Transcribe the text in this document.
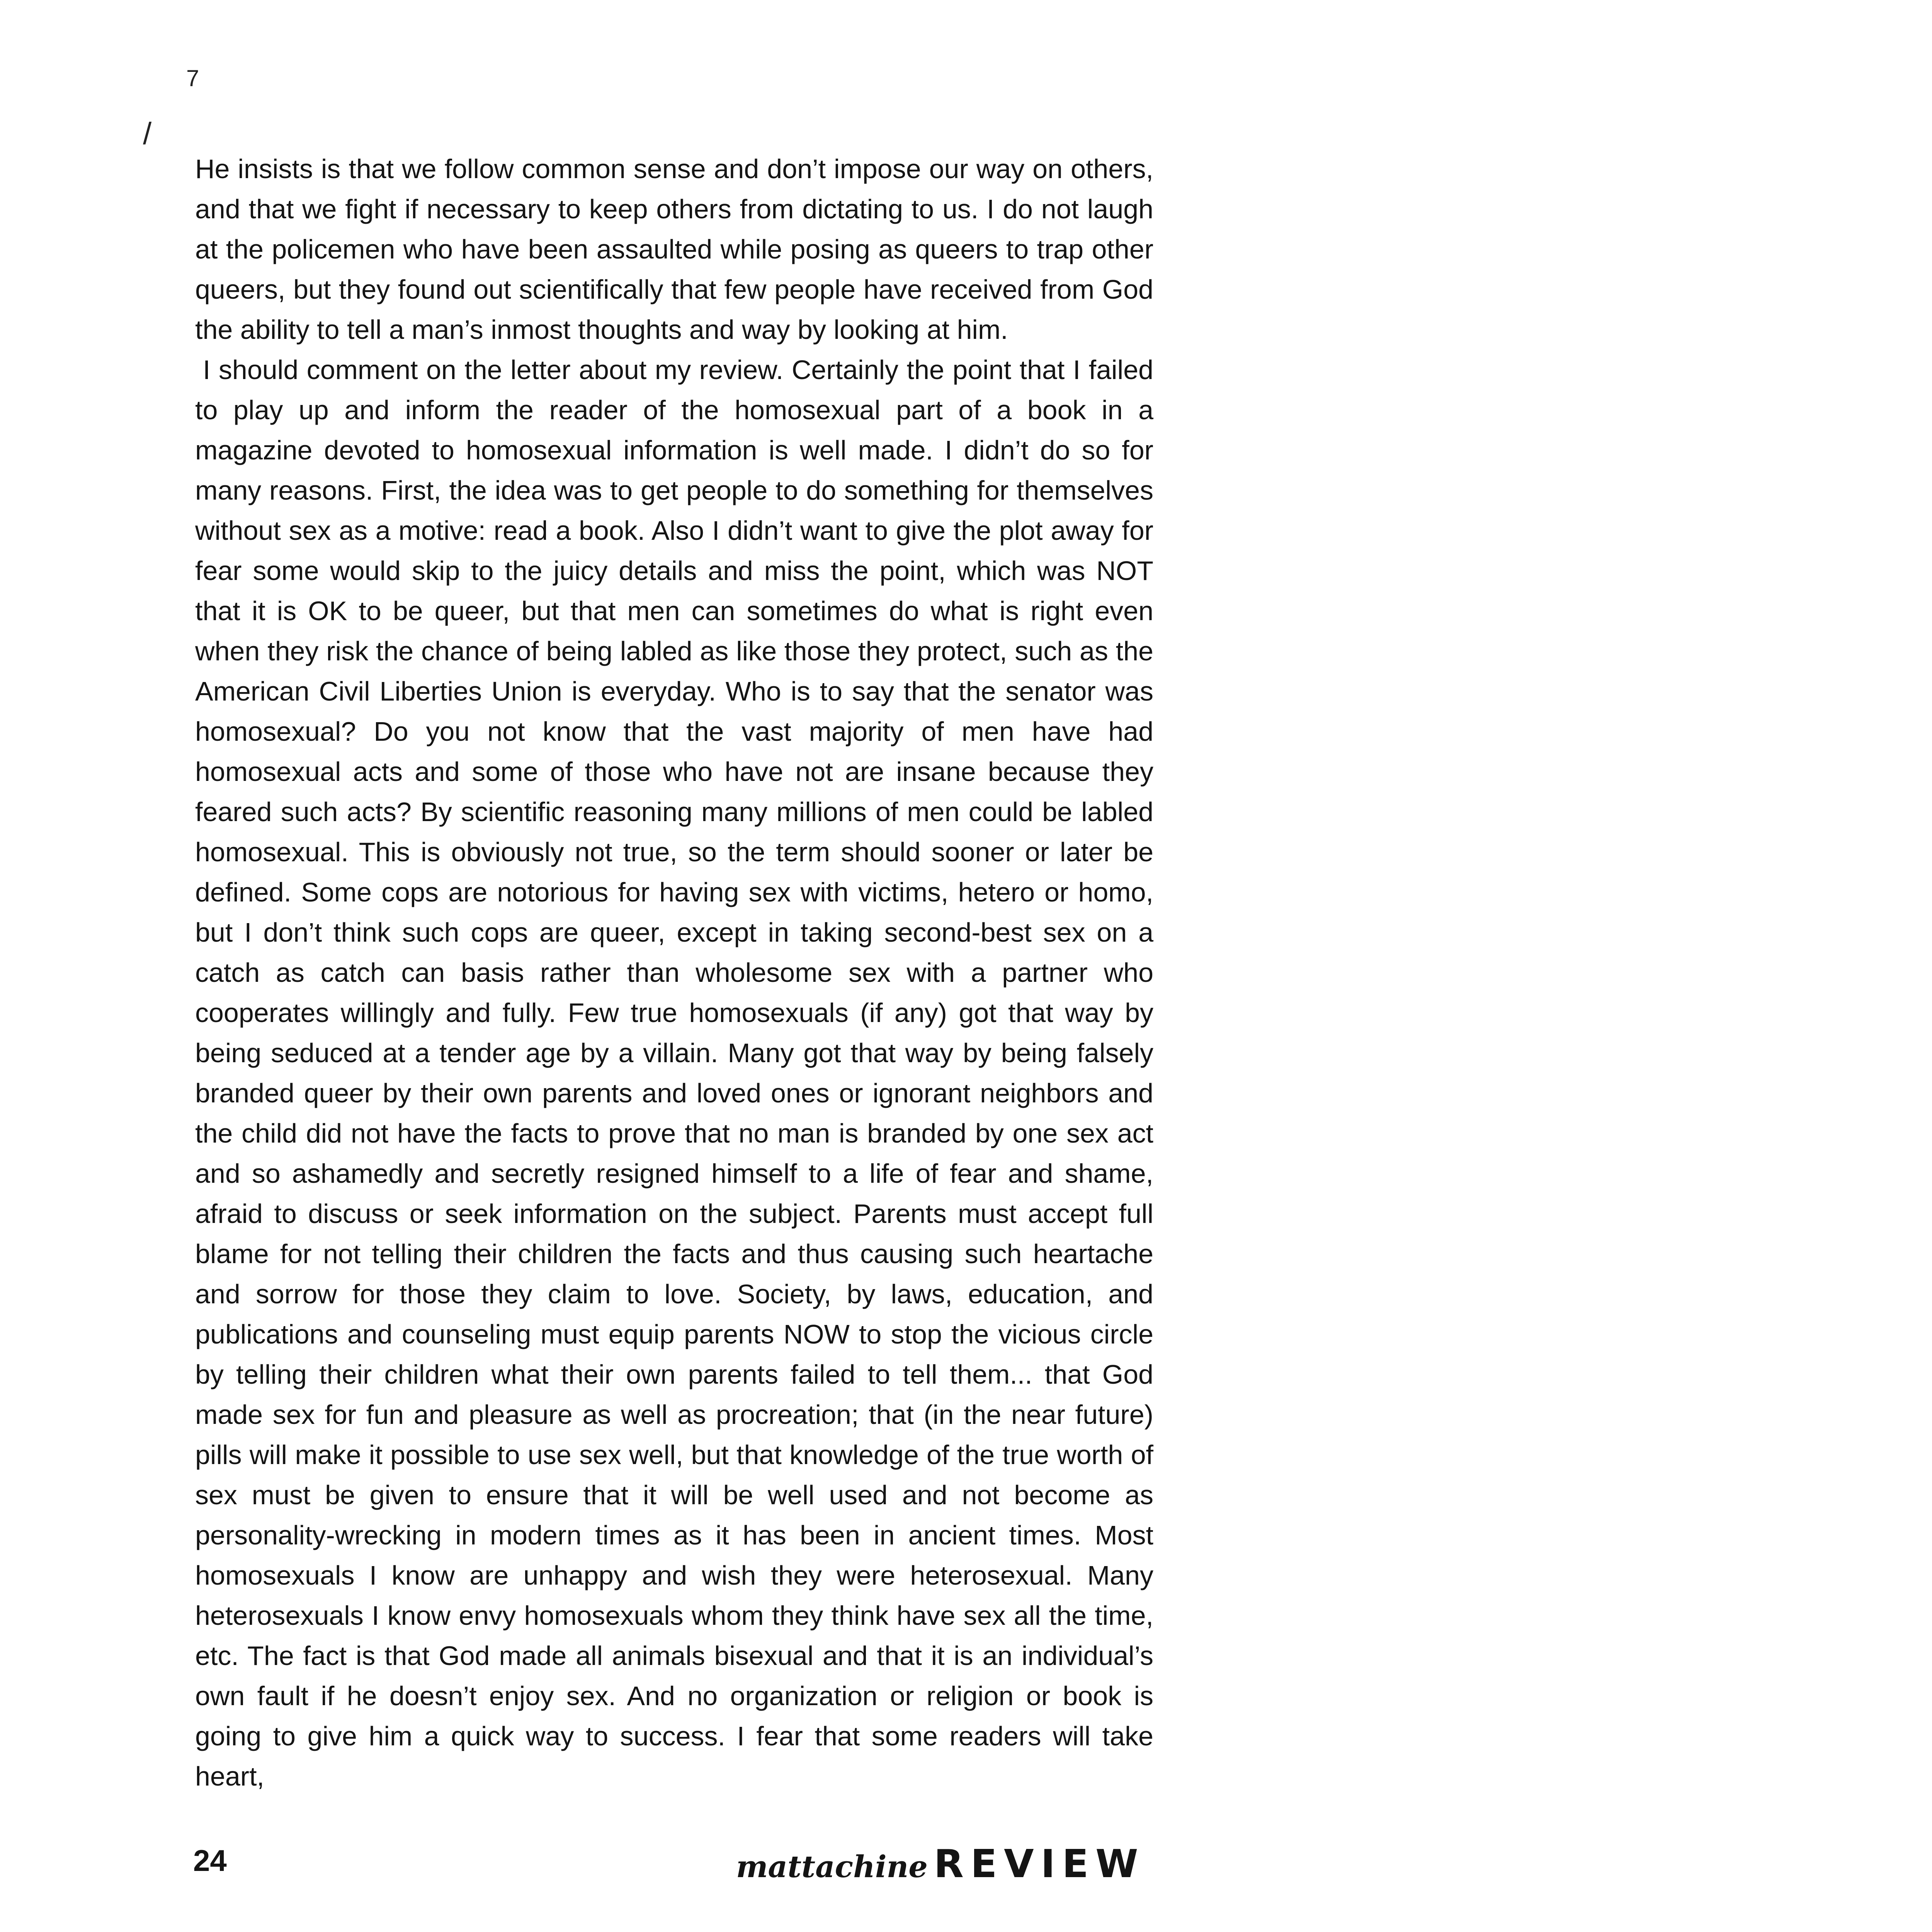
7
/

He insists is that we follow common sense and don’t impose our way on others, and that we fight if necessary to keep others from dictating to us. I do not laugh at the policemen who have been assaulted while posing as queers to trap other queers, but they found out scientifically that few people have received from God the ability to tell a man’s inmost thoughts and way by looking at him.

I should comment on the letter about my review. Certainly the point that I failed to play up and inform the reader of the homosexual part of a book in a magazine devoted to homosexual information is well made. I didn’t do so for many reasons. First, the idea was to get people to do something for themselves without sex as a motive: read a book. Also I didn’t want to give the plot away for fear some would skip to the juicy details and miss the point, which was NOT that it is OK to be queer, but that men can sometimes do what is right even when they risk the chance of being labled as like those they protect, such as the American Civil Liberties Union is everyday. Who is to say that the senator was homosexual? Do you not know that the vast majority of men have had homosexual acts and some of those who have not are insane because they feared such acts? By scientific reasoning many millions of men could be labled homosexual. This is obviously not true, so the term should sooner or later be defined. Some cops are notorious for having sex with victims, hetero or homo, but I don’t think such cops are queer, except in taking second-best sex on a catch as catch can basis rather than wholesome sex with a partner who cooperates willingly and fully. Few true homosexuals (if any) got that way by being seduced at a tender age by a villain. Many got that way by being falsely branded queer by their own parents and loved ones or ignorant neighbors and the child did not have the facts to prove that no man is branded by one sex act and so ashamedly and secretly resigned himself to a life of fear and shame, afraid to discuss or seek information on the subject. Parents must accept full blame for not telling their children the facts and thus causing such heartache and sorrow for those they claim to love. Society, by laws, education, and publications and counseling must equip parents NOW to stop the vicious circle by telling their children what their own parents failed to tell them... that God made sex for fun and pleasure as well as procreation; that (in the near future) pills will make it possible to use sex well, but that knowledge of the true worth of sex must be given to ensure that it will be well used and not become as personality-wrecking in modern times as it has been in ancient times. Most homosexuals I know are unhappy and wish they were heterosexual. Many heterosexuals I know envy homosexuals whom they think have sex all the time, etc. The fact is that God made all animals bisexual and that it is an individual’s own fault if he doesn’t enjoy sex. And no organization or religion or book is going to give him a quick way to success. I fear that some readers will take heart,

24	mattachine REVIEW
